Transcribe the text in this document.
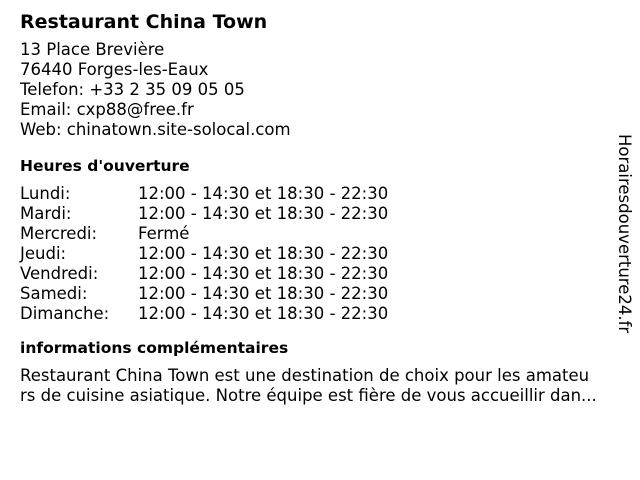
Restaurant China Town
13 Place Brevière
76440 Forges-les-Eaux
Telefon: +33 2 35 09 05 05
Email: cxp88@free.fr
Web: chinatown.site-solocal.com
Heures d'ouverture
Lundi:	12:00 - 14:30 et 18:30 - 22:30
Mardi:	12:00 - 14:30 et 18:30 - 22:30
Mercredi:	Fermé
Jeudi:	12:00 - 14:30 et 18:30 - 22:30
Vendredi:	12:00 - 14:30 et 18:30 - 22:30
Samedi:	12:00 - 14:30 et 18:30 - 22:30
Dimanche:	12:00 - 14:30 et 18:30 - 22:30
informations complémentaires
Restaurant China Town est une destination de choix pour les amateu
rs de cuisine asiatique. Notre équipe est fière de vous accueillir dan...
Horairesdouverture24.fr
